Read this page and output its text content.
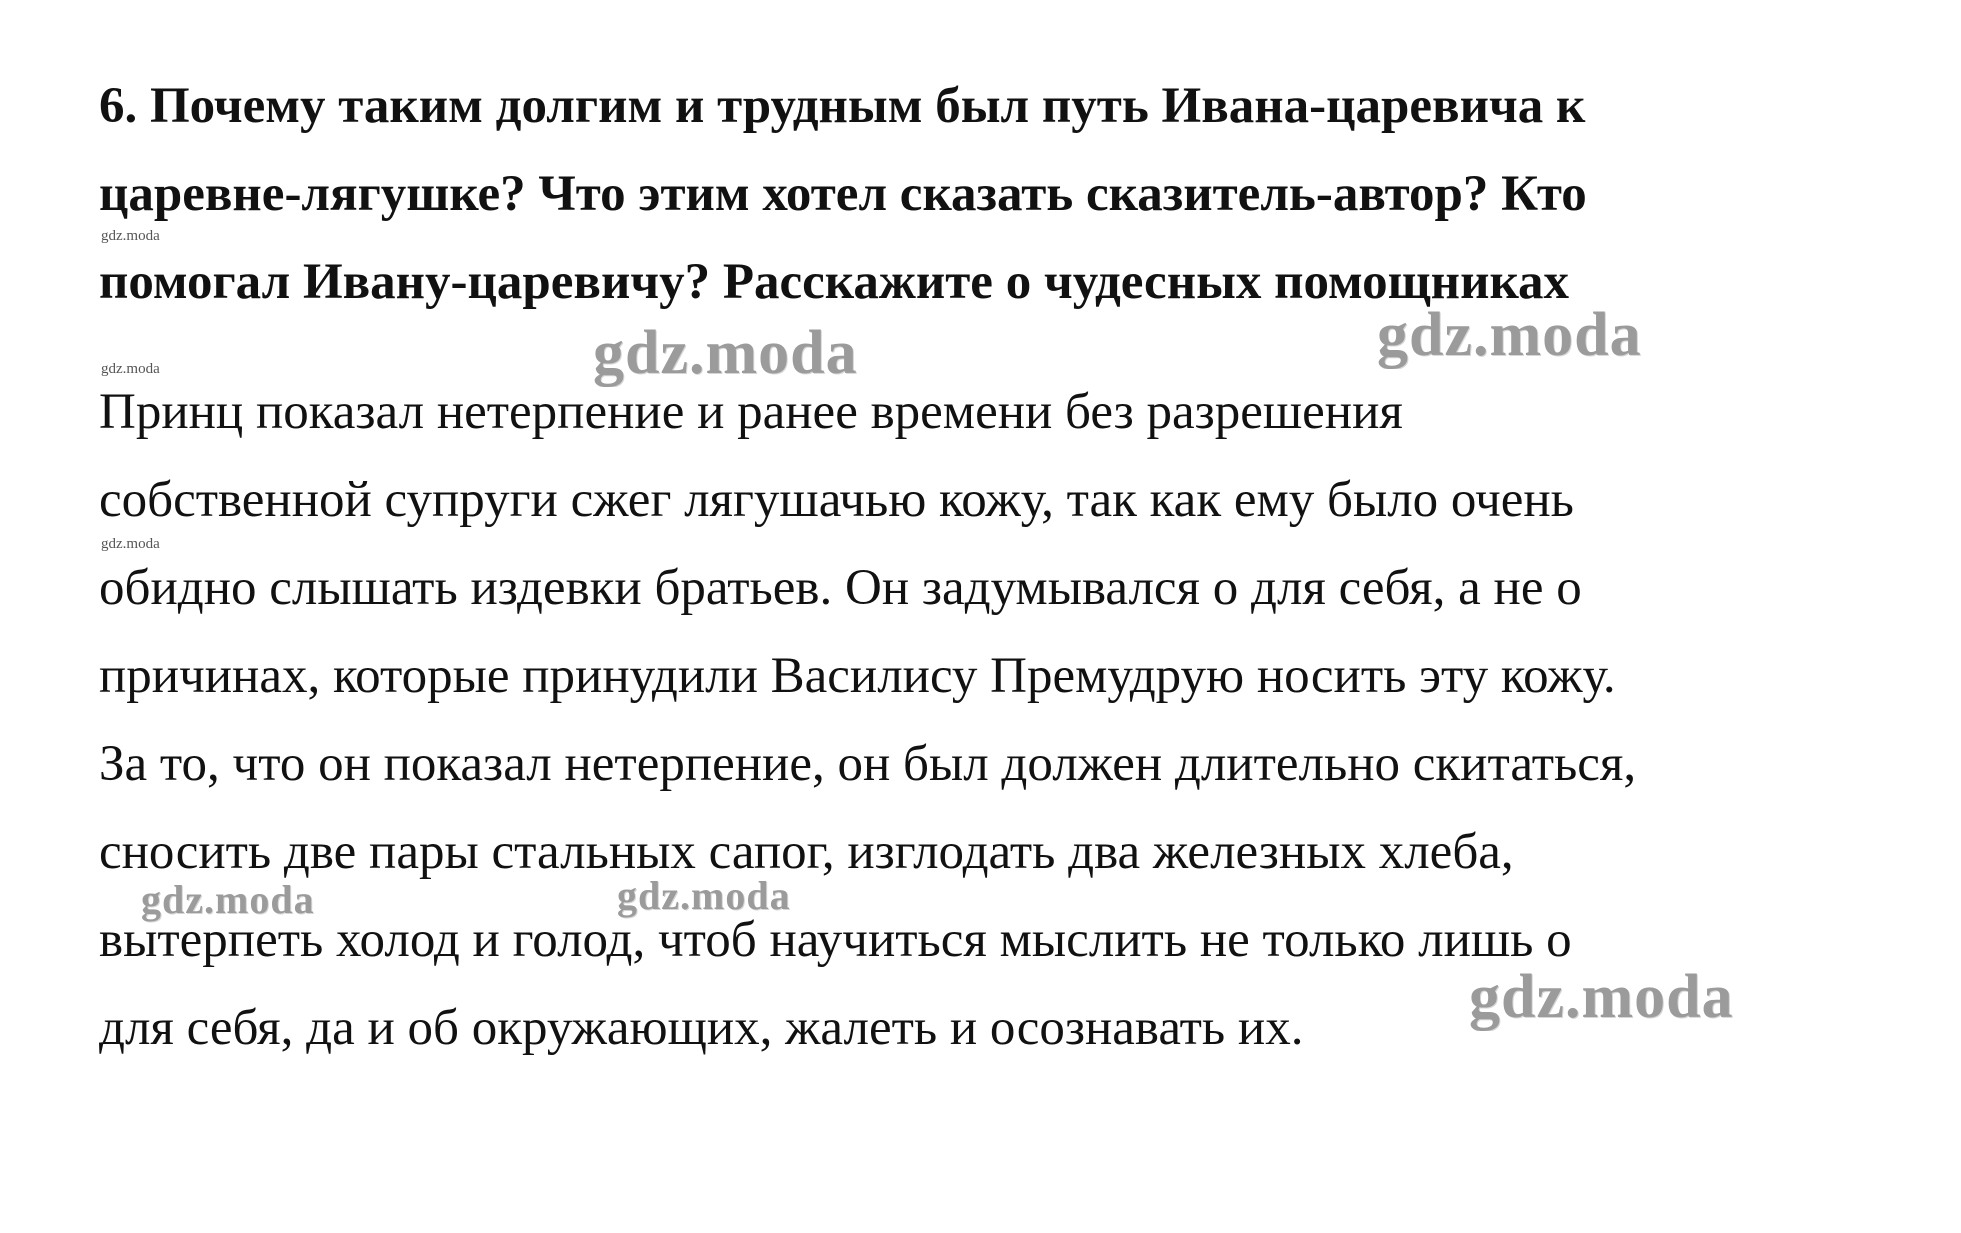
6. Почему таким долгим и трудным был путь Ивана-царевича к
царевне-лягушке? Что этим хотел сказать сказитель-автор? Кто
помогал Ивану-царевичу? Расскажите о чудесных помощниках
Принц показал нетерпение и ранее времени без разрешения
собственной супруги сжег лягушачью кожу, так как ему было очень
обидно слышать издевки братьев. Он задумывался о для себя, а не о
причинах, которые принудили Василису Премудрую носить эту кожу.
За то, что он показал нетерпение, он был должен длительно скитаться,
сносить две пары стальных сапог, изглодать два железных хлеба,
вытерпеть холод и голод, чтоб научиться мыслить не только лишь о
для себя, да и об окружающих, жалеть и осознавать их.
gdz.moda
gdz.moda
gdz.moda
gdz.moda	gdz.moda
gdz.moda	gdz.moda
gdz.moda
